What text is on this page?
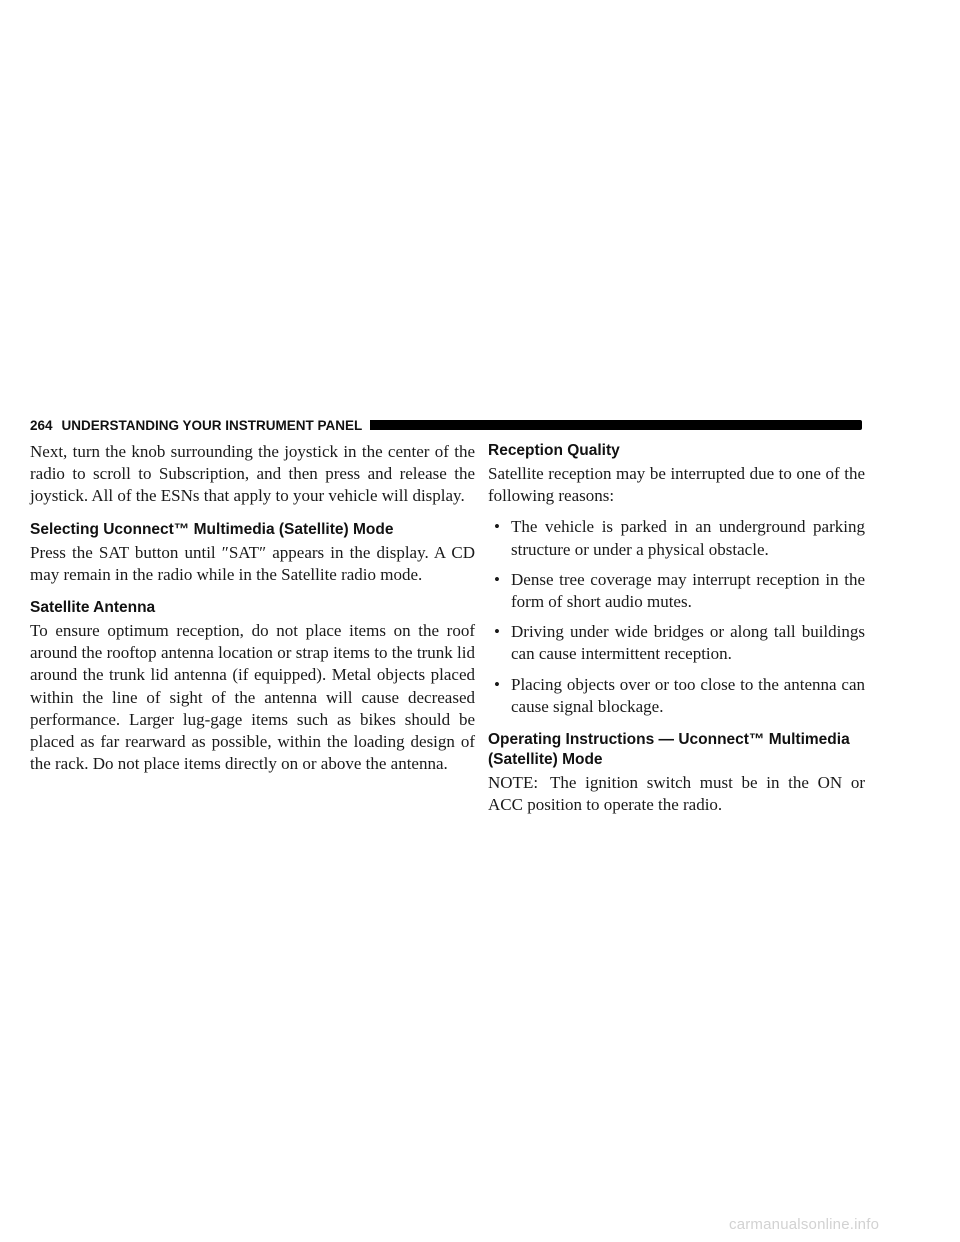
264 UNDERSTANDING YOUR INSTRUMENT PANEL

Next, turn the knob surrounding the joystick in the center of the radio to scroll to Subscription, and then press and release the joystick. All of the ESNs that apply to your vehicle will display.

Selecting Uconnect™ Multimedia (Satellite) Mode

Press the SAT button until ″SAT″ appears in the display. A CD may remain in the radio while in the Satellite radio mode.

Satellite Antenna

To ensure optimum reception, do not place items on the roof around the rooftop antenna location or strap items to the trunk lid around the trunk lid antenna (if equipped). Metal objects placed within the line of sight of the antenna will cause decreased performance. Larger lug-gage items such as bikes should be placed as far rearward as possible, within the loading design of the rack. Do not place items directly on or above the antenna.

Reception Quality

Satellite reception may be interrupted due to one of the following reasons:

• The vehicle is parked in an underground parking structure or under a physical obstacle.
• Dense tree coverage may interrupt reception in the form of short audio mutes.
• Driving under wide bridges or along tall buildings can cause intermittent reception.
• Placing objects over or too close to the antenna can cause signal blockage.
Operating Instructions — Uconnect™ Multimedia (Satellite) Mode

NOTE: The ignition switch must be in the ON or ACC position to operate the radio.

carmanualsonline.info
